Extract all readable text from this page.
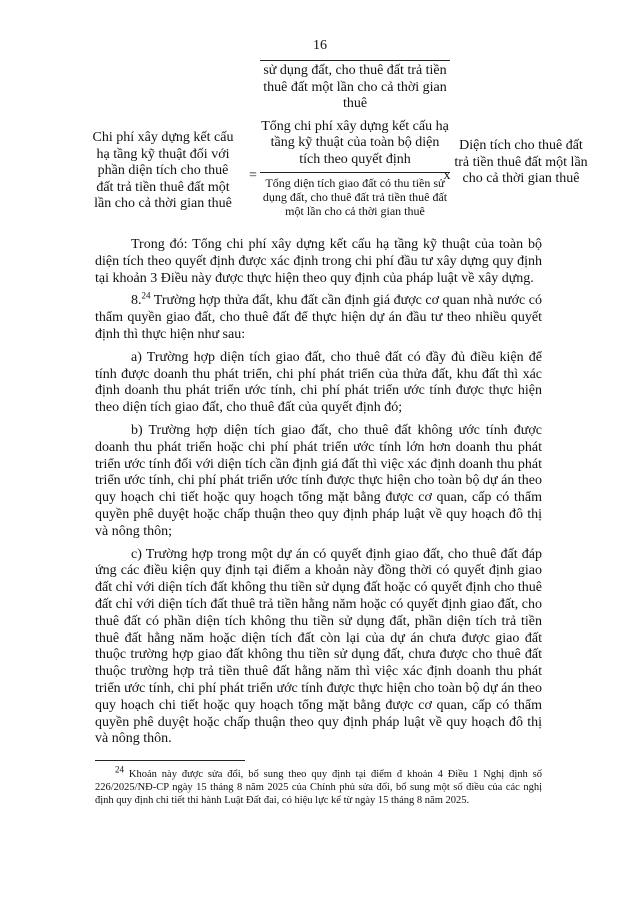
16
Chi phí xây dựng kết cấu hạ tầng kỹ thuật đối với phần diện tích cho thuê đất trả tiền thuê đất một lần cho cả thời gian thuê
=
sử dụng đất, cho thuê đất trả tiền thuê đất một lần cho cả thời gian thuê
Tổng chi phí xây dựng kết cấu hạ tầng kỹ thuật của toàn bộ diện tích theo quyết định
Tổng diện tích giao đất có thu tiền sử dụng đất, cho thuê đất trả tiền thuê đất một lần cho cả thời gian thuê
x
Diện tích cho thuê đất trả tiền thuê đất một lần cho cả thời gian thuê

Trong đó: Tổng chi phí xây dựng kết cấu hạ tầng kỹ thuật của toàn bộ diện tích theo quyết định được xác định trong chi phí đầu tư xây dựng quy định tại khoản 3 Điều này được thực hiện theo quy định của pháp luật về xây dựng.

8.24 Trường hợp thửa đất, khu đất cần định giá được cơ quan nhà nước có thẩm quyền giao đất, cho thuê đất để thực hiện dự án đầu tư theo nhiều quyết định thì thực hiện như sau:

a) Trường hợp diện tích giao đất, cho thuê đất có đầy đủ điều kiện để tính được doanh thu phát triển, chi phí phát triển của thửa đất, khu đất thì xác định doanh thu phát triển ước tính, chi phí phát triển ước tính được thực hiện theo diện tích giao đất, cho thuê đất của quyết định đó;

b) Trường hợp diện tích giao đất, cho thuê đất không ước tính được doanh thu phát triển hoặc chi phí phát triển ước tính lớn hơn doanh thu phát triển ước tính đối với diện tích cần định giá đất thì việc xác định doanh thu phát triển ước tính, chi phí phát triển ước tính được thực hiện cho toàn bộ dự án theo quy hoạch chi tiết hoặc quy hoạch tổng mặt bằng được cơ quan, cấp có thẩm quyền phê duyệt hoặc chấp thuận theo quy định pháp luật về quy hoạch đô thị và nông thôn;

c) Trường hợp trong một dự án có quyết định giao đất, cho thuê đất đáp ứng các điều kiện quy định tại điểm a khoản này đồng thời có quyết định giao đất chỉ với diện tích đất không thu tiền sử dụng đất hoặc có quyết định cho thuê đất chỉ với diện tích đất thuê trả tiền hằng năm hoặc có quyết định giao đất, cho thuê đất có phần diện tích không thu tiền sử dụng đất, phần diện tích trả tiền thuê đất hằng năm hoặc diện tích đất còn lại của dự án chưa được giao đất thuộc trường hợp giao đất không thu tiền sử dụng đất, chưa được cho thuê đất thuộc trường hợp trả tiền thuê đất hằng năm thì việc xác định doanh thu phát triển ước tính, chi phí phát triển ước tính được thực hiện cho toàn bộ dự án theo quy hoạch chi tiết hoặc quy hoạch tổng mặt bằng được cơ quan, cấp có thẩm quyền phê duyệt hoặc chấp thuận theo quy định pháp luật về quy hoạch đô thị và nông thôn.

$^{24}$ Khoản này được sửa đổi, bổ sung theo quy định tại điểm đ khoản 4 Điều 1 Nghị định số 226/2025/NĐ-CP ngày 15 tháng 8 năm 2025 của Chính phủ sửa đổi, bổ sung một số điều của các nghị định quy định chi tiết thi hành Luật Đất đai, có hiệu lực kể từ ngày 15 tháng 8 năm 2025.
